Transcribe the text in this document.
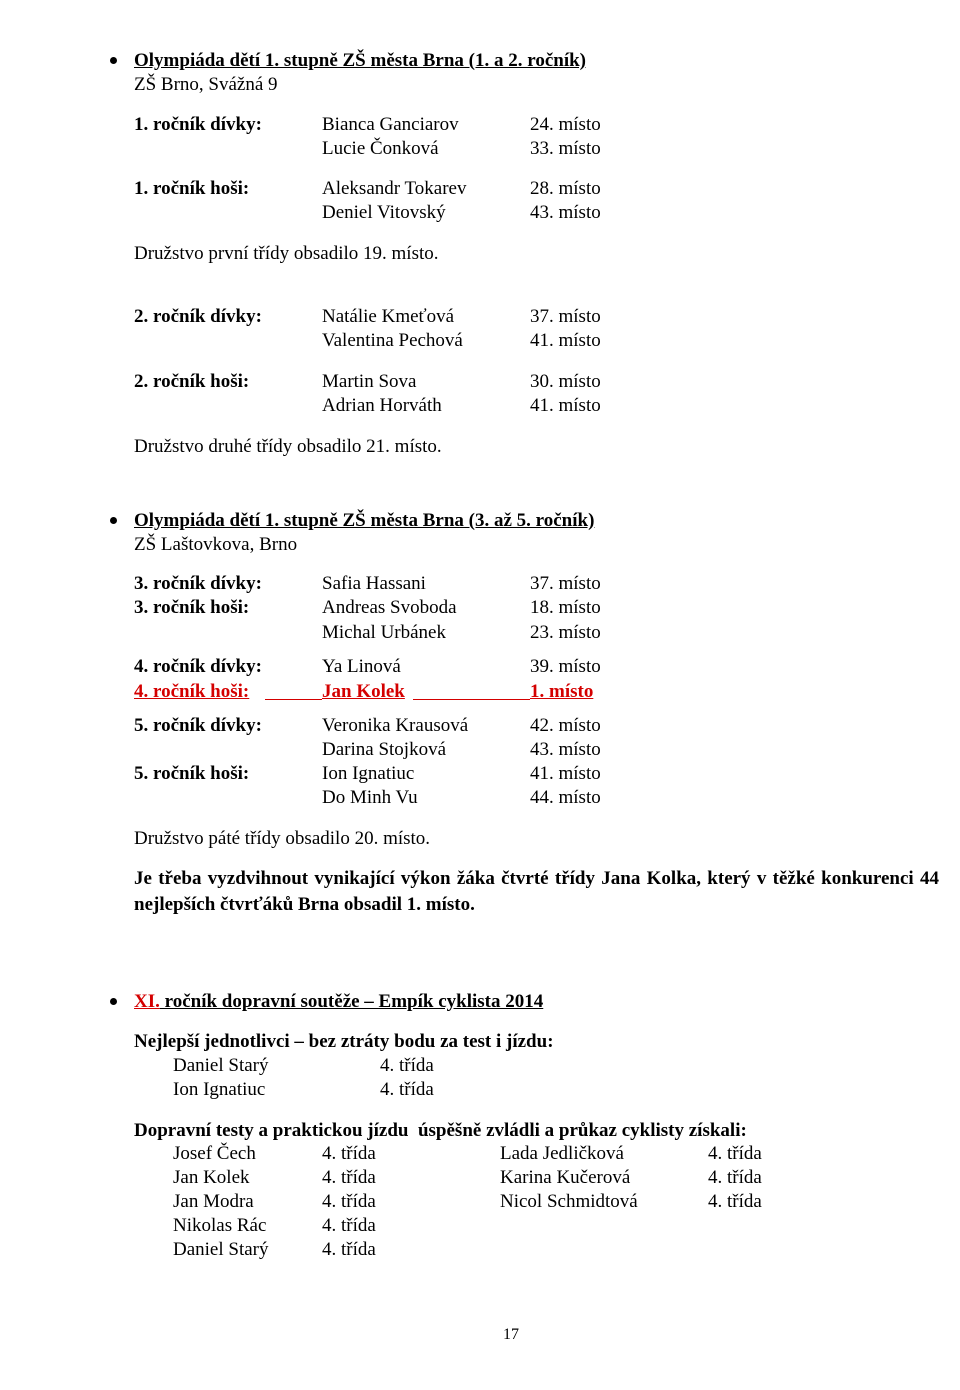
Olympiáda dětí 1. stupně ZŠ města Brna (1. a 2. ročník)
ZŠ Brno, Svážná 9
1. ročník dívky:	Bianca Ganciarov	24. místo
Lucie Čonková	33. místo
1. ročník hoši:	Aleksandr Tokarev	28. místo
Deniel Vitovský	43. místo
Družstvo první třídy obsadilo 19. místo.
2. ročník dívky:	Natálie Kmeťová	37. místo
Valentina Pechová	41. místo
2. ročník hoši:	Martin Sova	30. místo
Adrian Horváth	41. místo
Družstvo druhé třídy obsadilo 21. místo.
Olympiáda dětí 1. stupně ZŠ města Brna (3. až 5. ročník)
ZŠ Laštovkova, Brno
3. ročník dívky:	Safia Hassani	37. místo
3. ročník hoši:	Andreas Svoboda	18. místo
Michal Urbánek	23. místo
4. ročník dívky:	Ya Linová	39. místo
4. ročník hoši:	Jan Kolek	1. místo
5. ročník dívky:	Veronika Krausová	42. místo
Darina Stojková	43. místo
5. ročník hoši:	Ion Ignatiuc	41. místo
Do Minh Vu	44. místo
Družstvo páté třídy obsadilo 20. místo.
Je třeba vyzdvihnout vynikající výkon žáka čtvrté třídy Jana Kolka, který v těžké konkurenci 44 nejlepších čtvrťáků Brna obsadil 1. místo.
XI. ročník dopravní soutěže – Empík cyklista 2014
Nejlepší jednotlivci – bez ztráty bodu za test i jízdu:
Daniel Starý	4. třída
Ion Ignatiuc	4. třída
Dopravní testy a praktickou jízdu  úspěšně zvládli a průkaz cyklisty získali:
Josef Čech	4. třída	Lada Jedličková	4. třída
Jan Kolek	4. třída	Karina Kučerová	4. třída
Jan Modra	4. třída	Nicol Schmidtová	4. třída
Nikolas Rác	4. třída
Daniel Starý	4. třída
17
